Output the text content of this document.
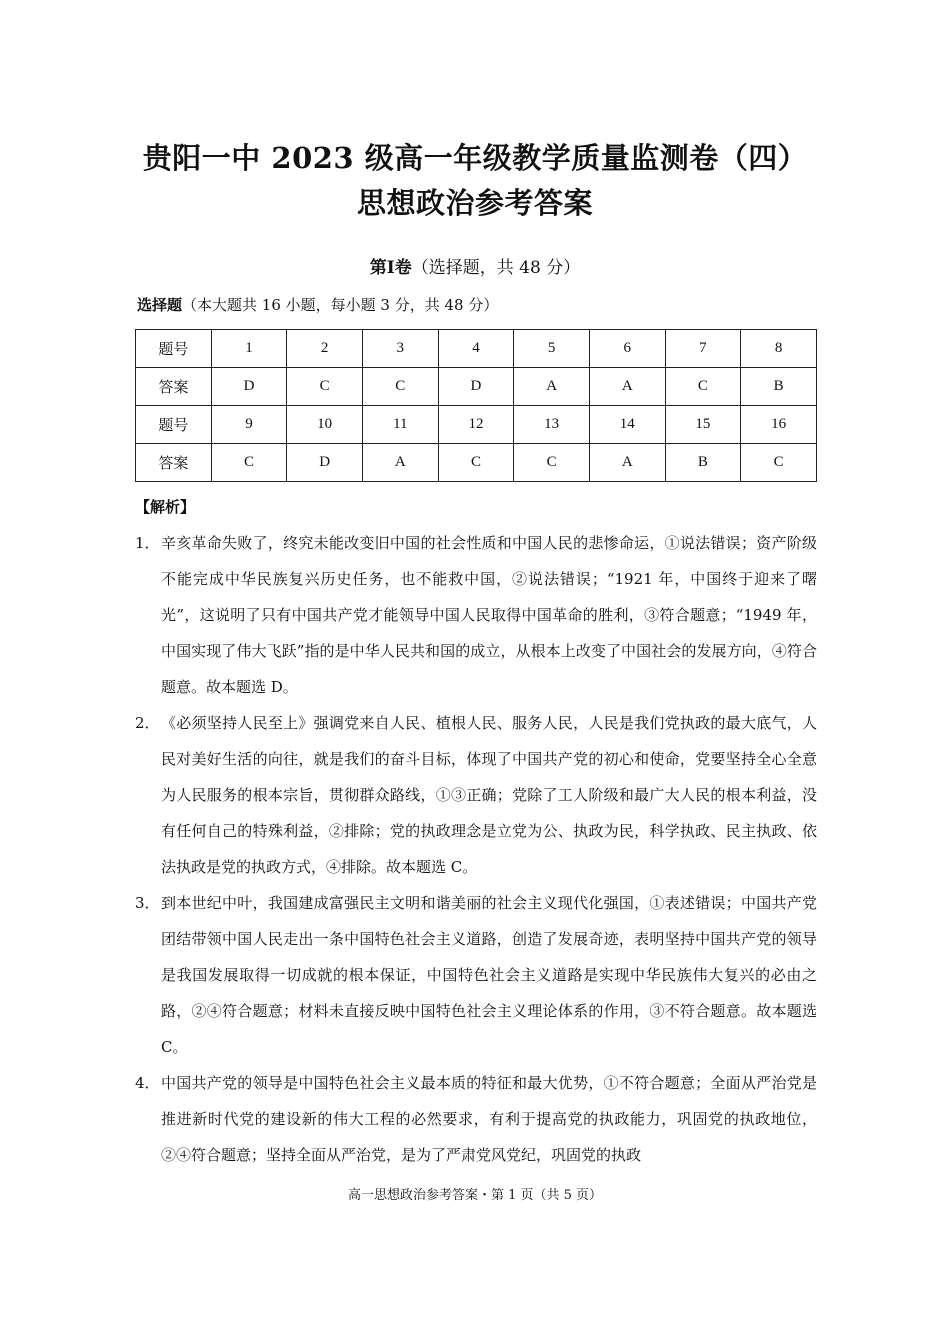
贵阳一中 2023 级高一年级教学质量监测卷（四）
思想政治参考答案
第Ⅰ卷（选择题，共 48 分）
选择题（本大题共 16 小题，每小题 3 分，共 48 分）
题号	1	2	3	4	5	6	7	8
答案	D	C	C	D	A	A	C	B
题号	9	10	11	12	13	14	15	16
答案	C	D	A	C	C	A	B	C
【解析】
1． 辛亥革命失败了，终究未能改变旧中国的社会性质和中国人民的悲惨命运，①说法错误；资产阶级不能完成中华民族复兴历史任务，也不能救中国，②说法错误；“1921 年，中国终于迎来了曙光”，这说明了只有中国共产党才能领导中国人民取得中国革命的胜利，③符合题意；“1949 年，中国实现了伟大飞跃”指的是中华人民共和国的成立，从根本上改变了中国社会的发展方向，④符合题意。故本题选 D。
2． 《必须坚持人民至上》强调党来自人民、植根人民、服务人民，人民是我们党执政的最大底气，人民对美好生活的向往，就是我们的奋斗目标，体现了中国共产党的初心和使命，党要坚持全心全意为人民服务的根本宗旨，贯彻群众路线，①③正确；党除了工人阶级和最广大人民的根本利益，没有任何自己的特殊利益，②排除；党的执政理念是立党为公、执政为民，科学执政、民主执政、依法执政是党的执政方式，④排除。故本题选 C。
3． 到本世纪中叶，我国建成富强民主文明和谐美丽的社会主义现代化强国，①表述错误；中国共产党团结带领中国人民走出一条中国特色社会主义道路，创造了发展奇迹，表明坚持中国共产党的领导是我国发展取得一切成就的根本保证，中国特色社会主义道路是实现中华民族伟大复兴的必由之路，②④符合题意；材料未直接反映中国特色社会主义理论体系的作用，③不符合题意。故本题选 C。
4． 中国共产党的领导是中国特色社会主义最本质的特征和最大优势，①不符合题意；全面从严治党是推进新时代党的建设新的伟大工程的必然要求，有利于提高党的执政能力，巩固党的执政地位，②④符合题意；坚持全面从严治党，是为了严肃党风党纪，巩固党的执政
高一思想政治参考答案・第 1 页（共 5 页）
